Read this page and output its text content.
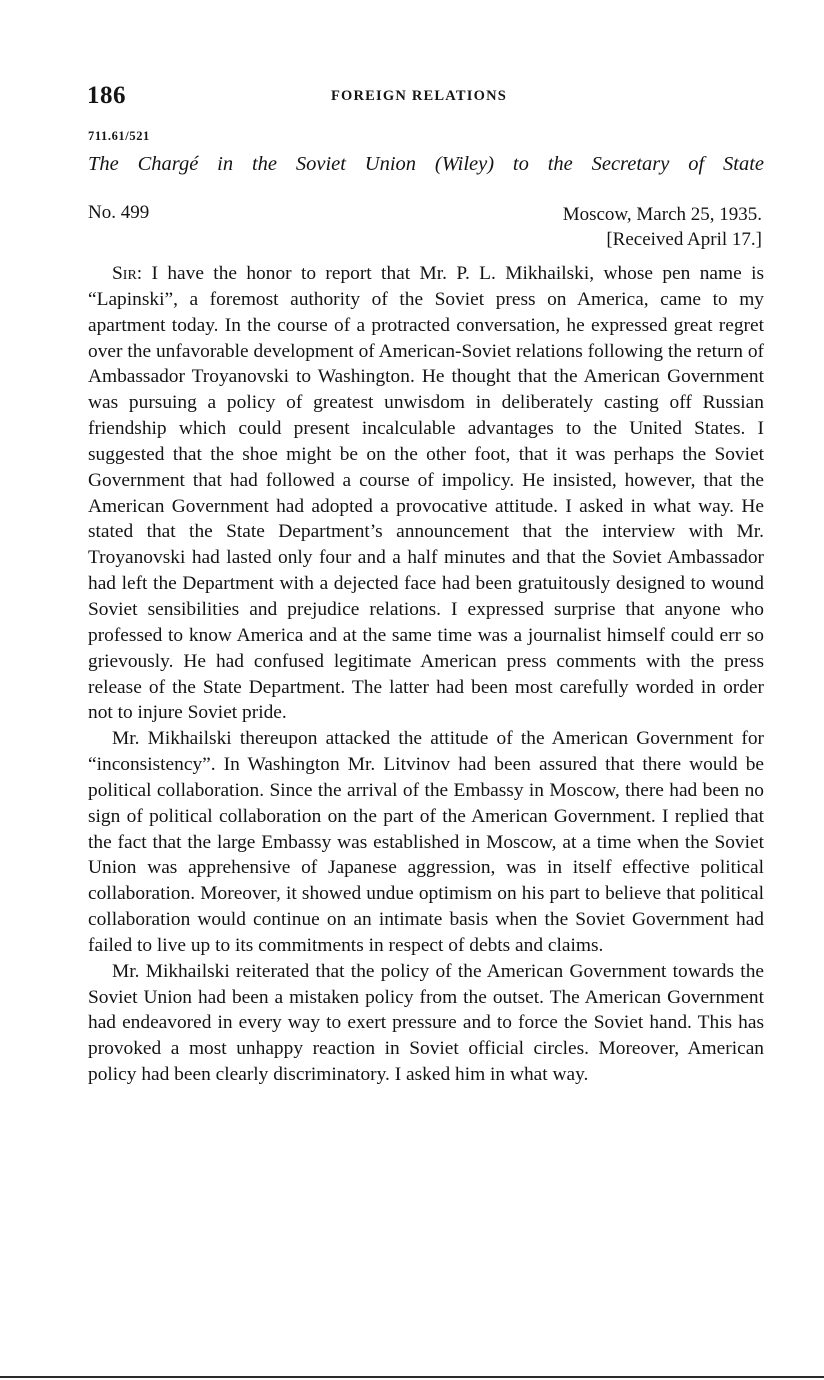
186	FOREIGN RELATIONS
711.61/521
The Chargé in the Soviet Union (Wiley) to the Secretary of State
No. 499	Moscow, March 25, 1935.
[Received April 17.]

Sir: I have the honor to report that Mr. P. L. Mikhailski, whose pen name is “Lapinski”, a foremost authority of the Soviet press on America, came to my apartment today. In the course of a protracted conversation, he expressed great regret over the unfavorable development of American-Soviet relations following the return of Ambassador Troyanovski to Washington. He thought that the American Government was pursuing a policy of greatest unwisdom in deliberately casting off Russian friendship which could present incalculable advantages to the United States. I suggested that the shoe might be on the other foot, that it was perhaps the Soviet Government that had followed a course of impolicy. He insisted, however, that the American Government had adopted a provocative attitude. I asked in what way. He stated that the State Department’s announcement that the interview with Mr. Troyanovski had lasted only four and a half minutes and that the Soviet Ambassador had left the Department with a dejected face had been gratuitously designed to wound Soviet sensibilities and prejudice relations. I expressed surprise that anyone who professed to know America and at the same time was a journalist himself could err so grievously. He had confused legitimate American press comments with the press release of the State Department. The latter had been most carefully worded in order not to injure Soviet pride.

Mr. Mikhailski thereupon attacked the attitude of the American Government for “inconsistency”. In Washington Mr. Litvinov had been assured that there would be political collaboration. Since the arrival of the Embassy in Moscow, there had been no sign of political collaboration on the part of the American Government. I replied that the fact that the large Embassy was established in Moscow, at a time when the Soviet Union was apprehensive of Japanese aggression, was in itself effective political collaboration. Moreover, it showed undue optimism on his part to believe that political collaboration would continue on an intimate basis when the Soviet Government had failed to live up to its commitments in respect of debts and claims.

Mr. Mikhailski reiterated that the policy of the American Government towards the Soviet Union had been a mistaken policy from the outset. The American Government had endeavored in every way to exert pressure and to force the Soviet hand. This has provoked a most unhappy reaction in Soviet official circles. Moreover, American policy had been clearly discriminatory. I asked him in what way.
